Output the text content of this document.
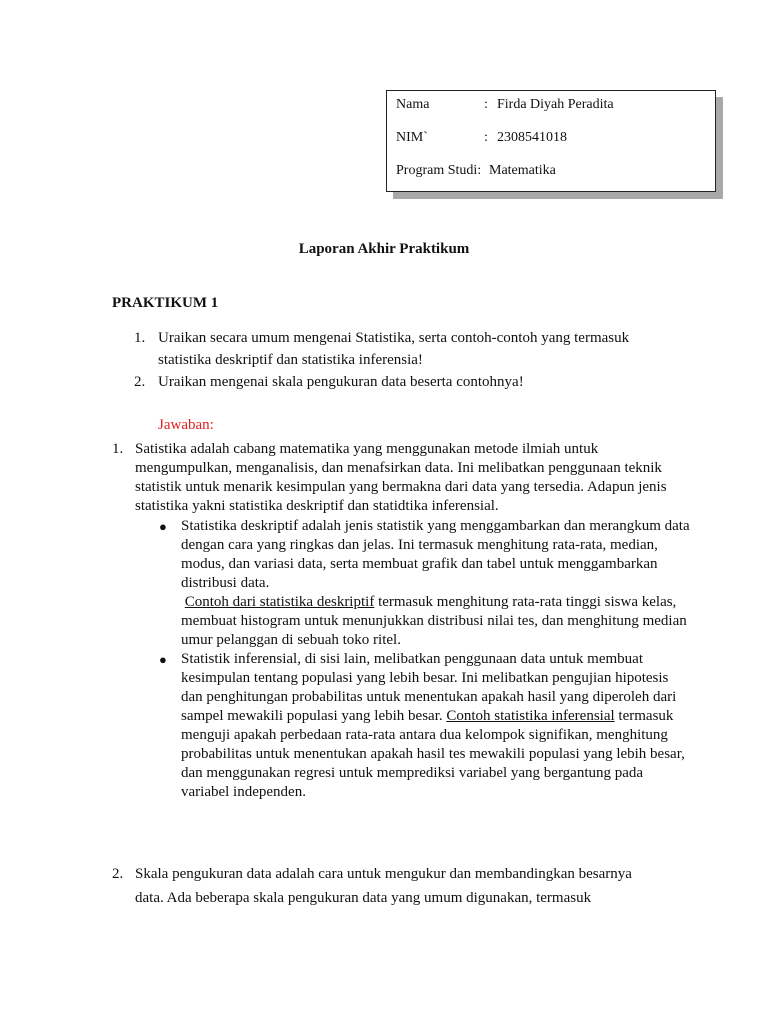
Nama	: Firda Diyah Peradita
NIM`	: 2308541018
Program Studi: Matematika
Laporan Akhir Praktikum
PRAKTIKUM 1
1. Uraikan secara umum mengenai Statistika, serta contoh-contoh yang termasuk statistika deskriptif dan statistika inferensia!
2. Uraikan mengenai skala pengukuran data beserta contohnya!
Jawaban:
1. Satistika adalah cabang matematika yang menggunakan metode ilmiah untuk mengumpulkan, menganalisis, dan menafsirkan data. Ini melibatkan penggunaan teknik statistik untuk menarik kesimpulan yang bermakna dari data yang tersedia. Adapun jenis statistika yakni statistika deskriptif dan statidtika inferensial.
● Statistika deskriptif adalah jenis statistik yang menggambarkan dan merangkum data dengan cara yang ringkas dan jelas. Ini termasuk menghitung rata-rata, median, modus, dan variasi data, serta membuat grafik dan tabel untuk menggambarkan distribusi data.
Contoh dari statistika deskriptif termasuk menghitung rata-rata tinggi siswa kelas, membuat histogram untuk menunjukkan distribusi nilai tes, dan menghitung median umur pelanggan di sebuah toko ritel.
● Statistik inferensial, di sisi lain, melibatkan penggunaan data untuk membuat kesimpulan tentang populasi yang lebih besar. Ini melibatkan pengujian hipotesis dan penghitungan probabilitas untuk menentukan apakah hasil yang diperoleh dari sampel mewakili populasi yang lebih besar. Contoh statistika inferensial termasuk menguji apakah perbedaan rata-rata antara dua kelompok signifikan, menghitung probabilitas untuk menentukan apakah hasil tes mewakili populasi yang lebih besar, dan menggunakan regresi untuk memprediksi variabel yang bergantung pada variabel independen.
2. Skala pengukuran data adalah cara untuk mengukur dan membandingkan besarnya data. Ada beberapa skala pengukuran data yang umum digunakan, termasuk
